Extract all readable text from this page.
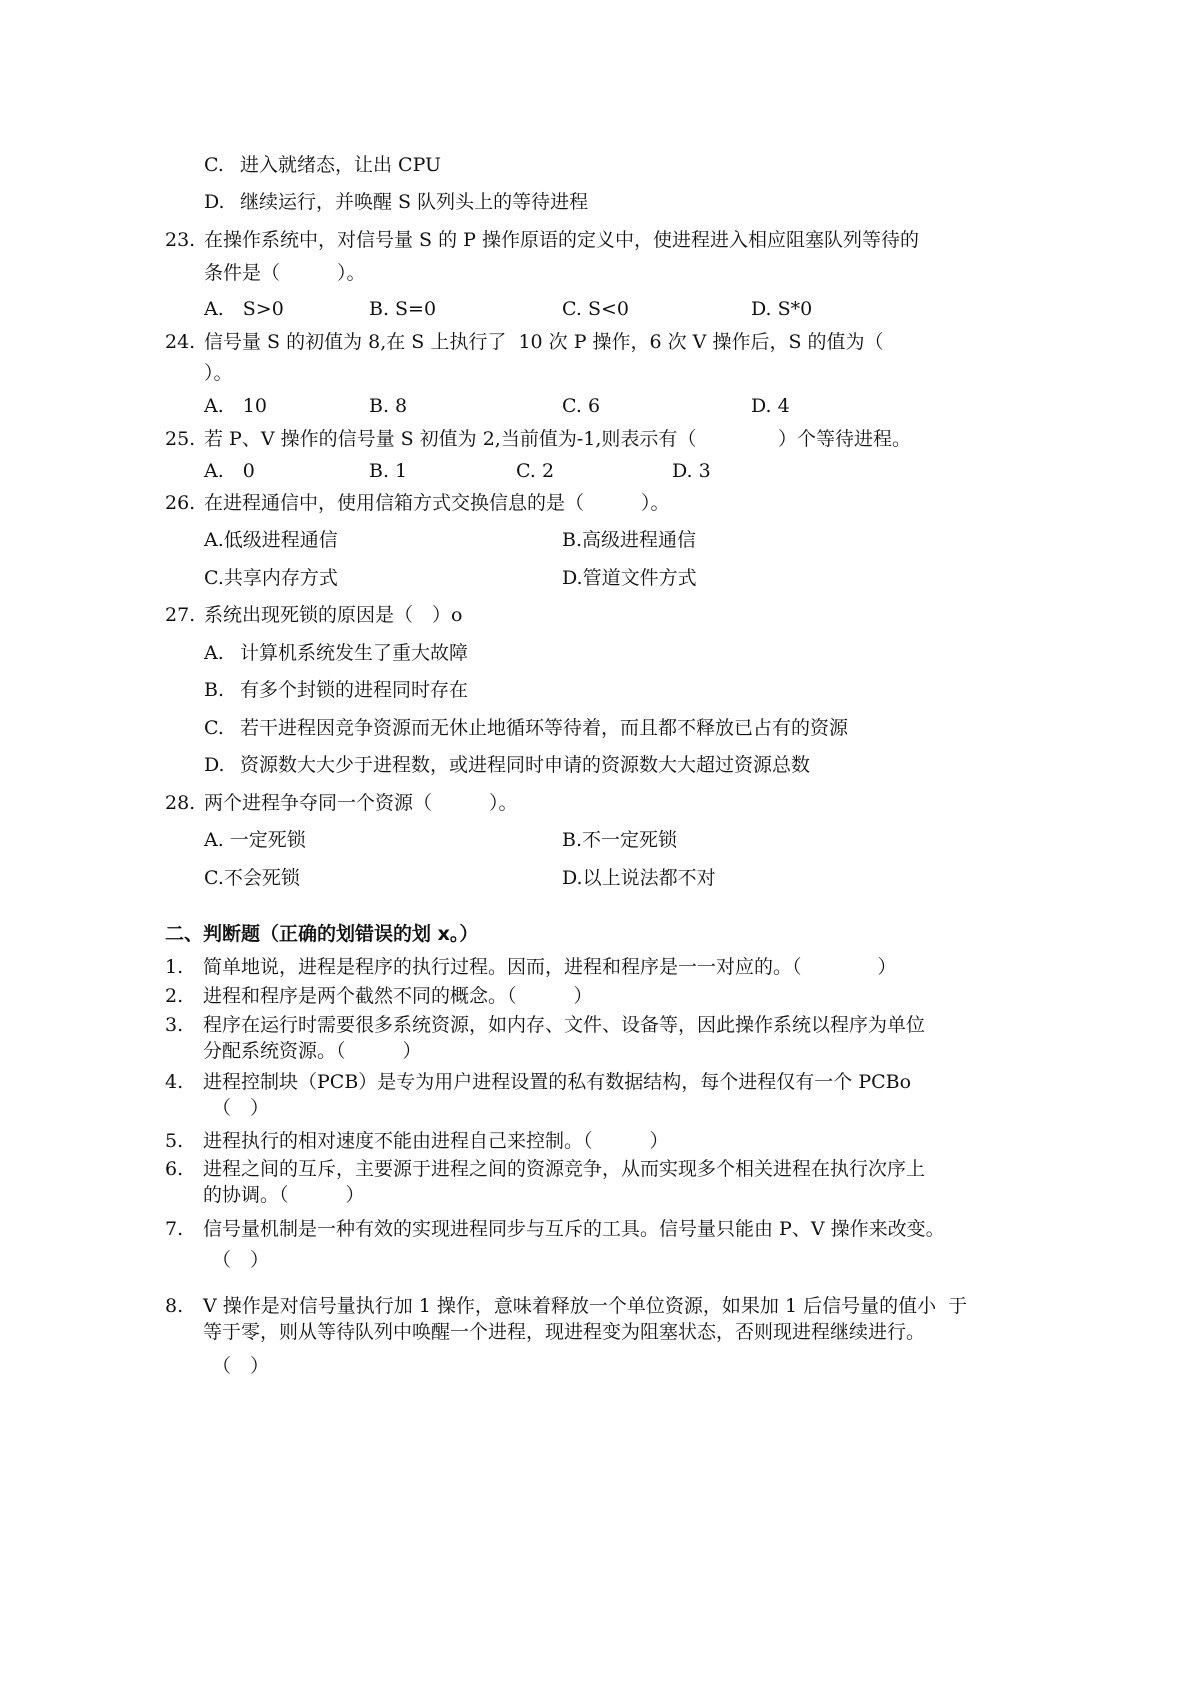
C. 进入就绪态，让出 CPU
D. 继续运行，并唤醒 S 队列头上的等待进程
23. 在操作系统中，对信号量 S 的 P 操作原语的定义中，使进程进入相应阻塞队列等待的
条件是（　　　）。
A.　S>0	B. S=0	C. S<0	D. S*0
24. 信号量 S 的初值为 8,在 S 上执行了  10 次 P 操作，6 次 V 操作后，S 的值为（
）。
A.　10	B. 8	C. 6	D. 4
25. 若 P、V 操作的信号量 S 初值为 2,当前值为-1,则表示有（	）个等待进程。
A.　0	B. 1	C. 2	D. 3
26. 在进程通信中，使用信箱方式交换信息的是（　　　）。
A.低级进程通信	B.高级进程通信
C.共享内存方式	D.管道文件方式
27. 系统出现死锁的原因是（　）o
A. 计算机系统发生了重大故障
B. 有多个封锁的进程同时存在
C. 若干进程因竞争资源而无休止地循环等待着，而且都不释放已占有的资源
D. 资源数大大少于进程数，或进程同时申请的资源数大大超过资源总数
28. 两个进程争夺同一个资源（　　　）。
A. 一定死锁	B.不一定死锁
C.不会死锁	D.以上说法都不对
二、判断题（正确的划错误的划 x。）
1. 简单地说，进程是程序的执行过程。因而，进程和程序是一一对应的。（　　　　）
2. 进程和程序是两个截然不同的概念。（　　　）
3. 程序在运行时需要很多系统资源，如内存、文件、设备等，因此操作系统以程序为单位
分配系统资源。（　　　）
4. 进程控制块（PCB）是专为用户进程设置的私有数据结构，每个进程仅有一个 PCBo
（　）
5. 进程执行的相对速度不能由进程自己来控制。（　　　）
6. 进程之间的互斥，主要源于进程之间的资源竞争，从而实现多个相关进程在执行次序上
的协调。（　　　）
7. 信号量机制是一种有效的实现进程同步与互斥的工具。信号量只能由 P、V 操作来改变。
（　）
8. V 操作是对信号量执行加 1 操作，意味着释放一个单位资源，如果加 1 后信号量的值小  于
等于零，则从等待队列中唤醒一个进程，现进程变为阻塞状态，否则现进程继续进行。
（　）
